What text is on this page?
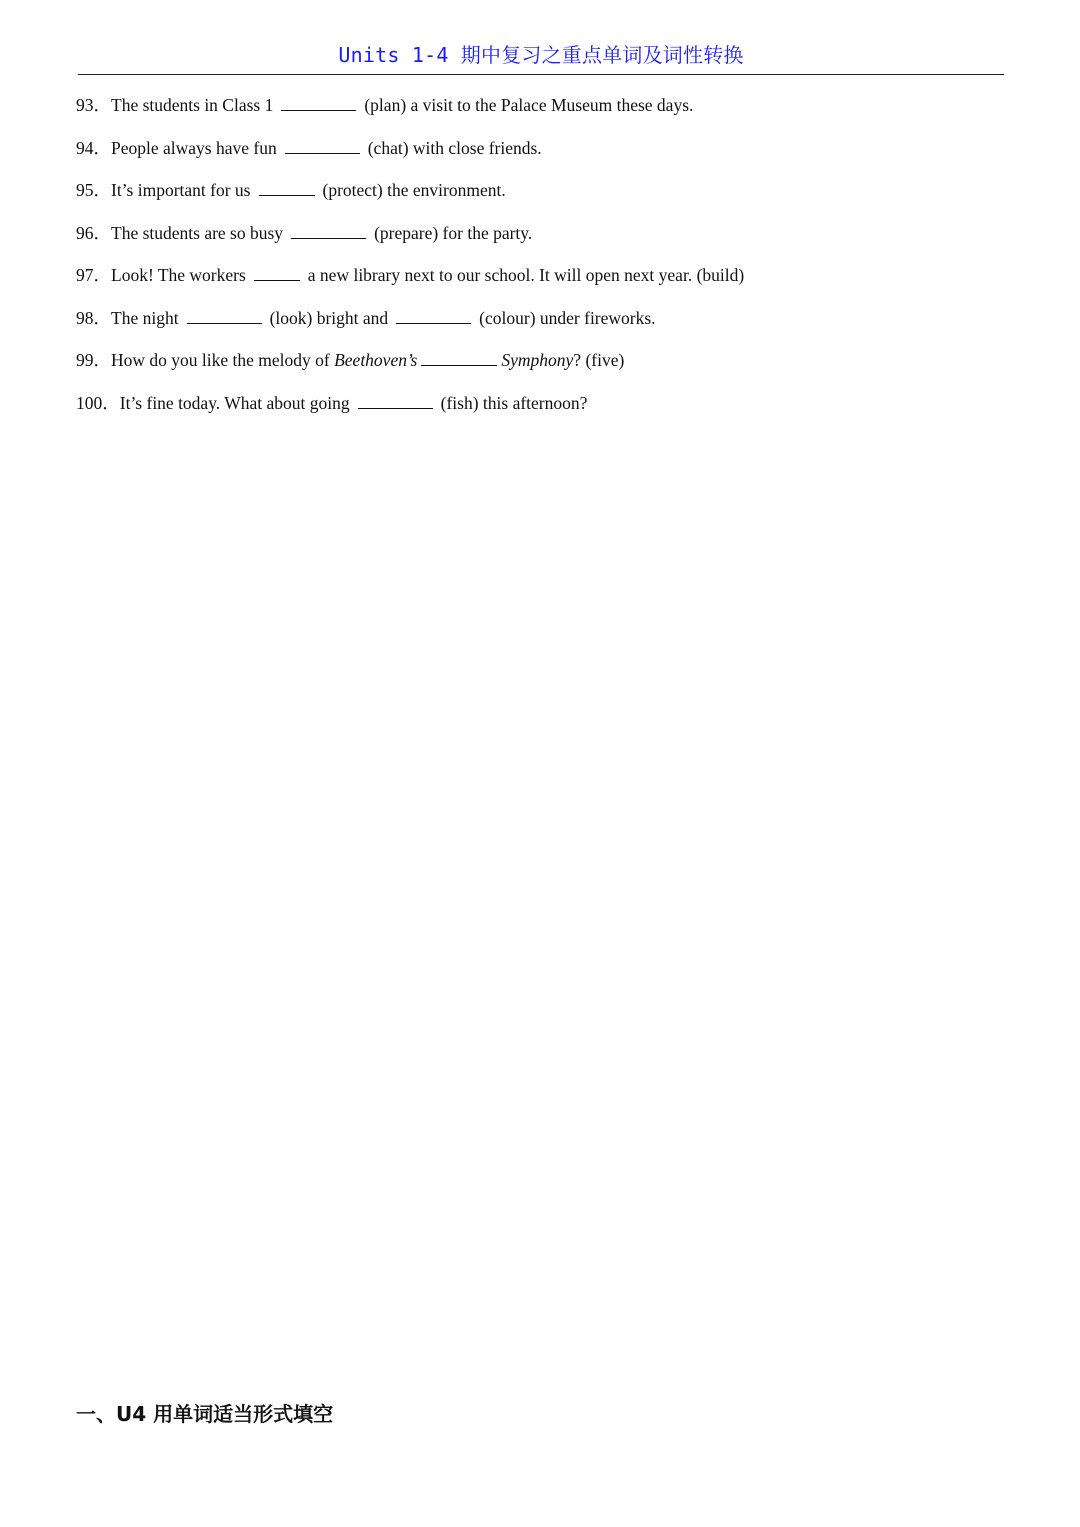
Units 1-4 期中复习之重点单词及词性转换
93．The students in Class 1	(plan) a visit to the Palace Museum these days.
94．People always have fun	(chat) with close friends.
95．It’s important for us	(protect) the environment.
96．The students are so busy	(prepare) for the party.
97．Look! The workers	a new library next to our school. It will open next year. (build)
98．The night	(look) bright and	(colour) under fireworks.
99．How do you like the melody of Beethoven’s	Symphony? (five)
100．It’s fine today. What about going	(fish) this afternoon?
一、U4 用单词适当形式填空
